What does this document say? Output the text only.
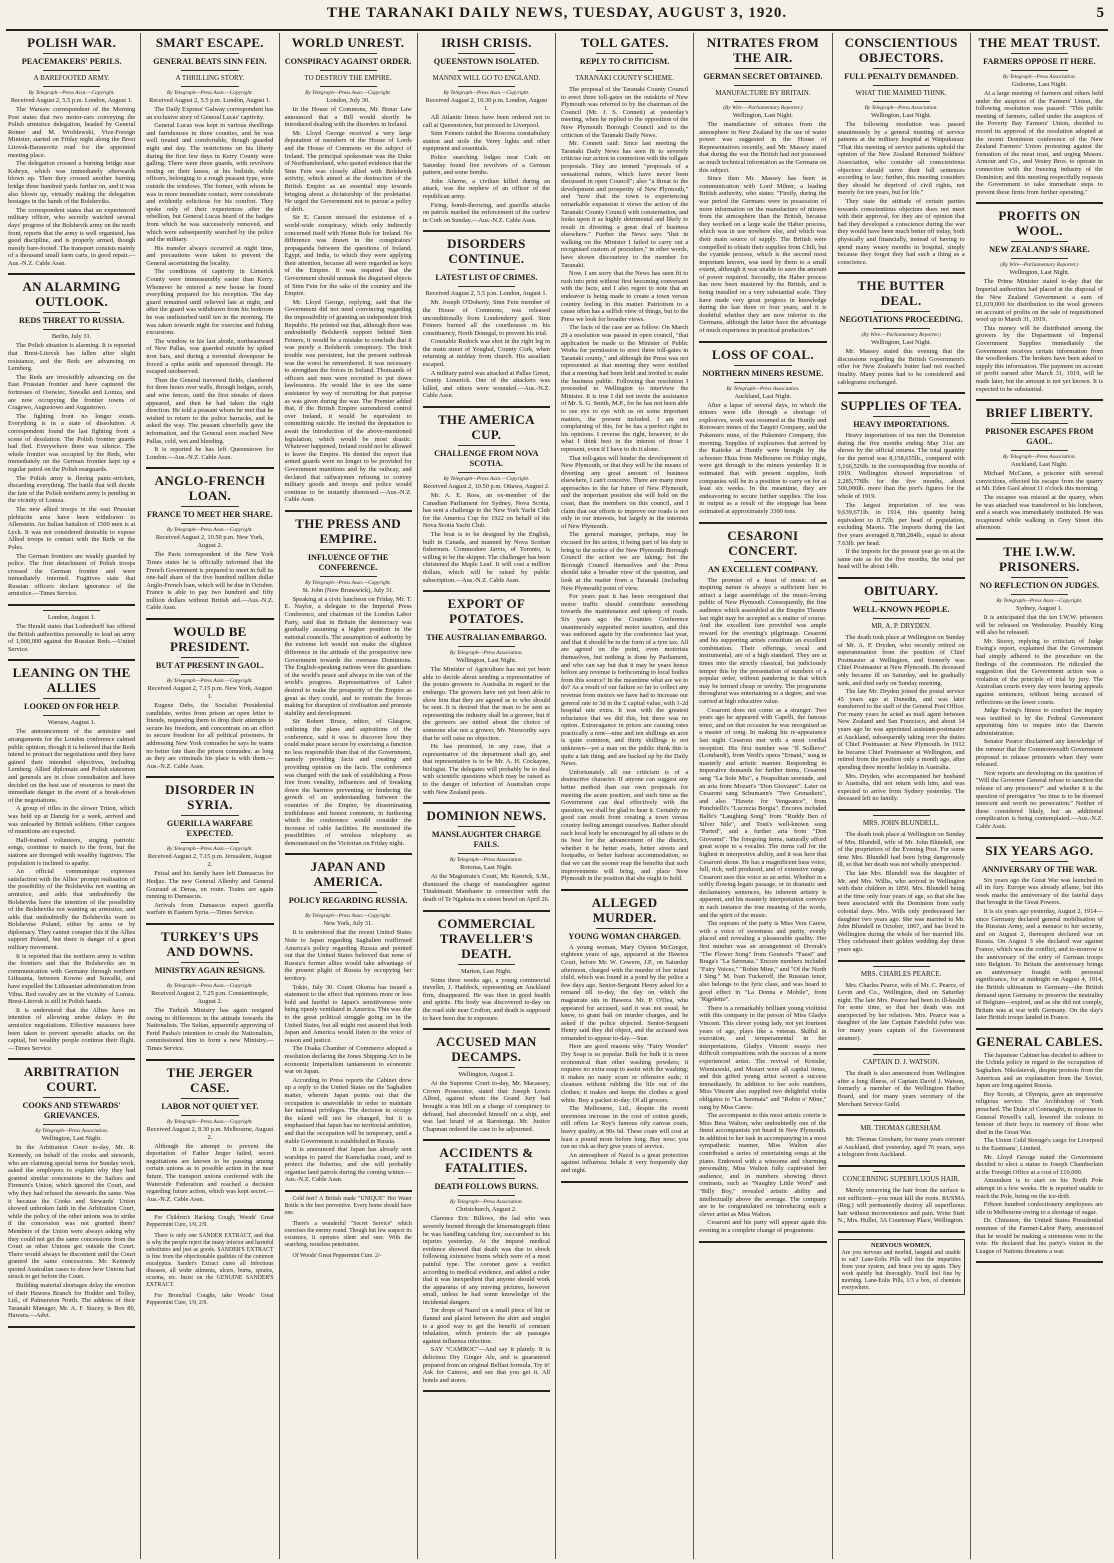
THE TARANAKI DAILY NEWS, TUESDAY, AUGUST 3, 1920.	5
POLISH WAR.
PEACEMAKERS' PERILS.
A BAREFOOTED ARMY.
By Telegraph—Press Assn.—Copyright.
Received August 2, 5.5 p.m. London, August 1.

The Warsaw correspondent of the Morning Post states that two motor-cars conveying the Polish armistice delegation, headed by General Romer and M. Wroblewski, Vice-Foreign Minister, started on Friday night along the Brest Litovsk-Baranovitz road for the appointed meeting place.

The delegation crossed a burning bridge near Kobryn, which was immediately afterwards blown up. Then they crossed another burning bridge three hundred yards further on, and it was also blown up, virtually making the delegation hostages in the hands of the Bolsheviks.

The correspondent states that an experienced military officer, who secretly watched several days' progress of the Bolshevik army on the north front, reports that the army is well organised, has good discipline, and is properly armed, though mostly bare-footed. The transport consists mainly of a thousand small farm carts, in good repair.—Aus.-N.Z. Cable Assn.

AN ALARMING OUTLOOK.
REDS THREAT TO RUSSIA.
Berlin, July 31.

The Polish situation is alarming. It is reported that Brest-Litovsk has fallen after slight resistance, and the Reds are advancing on Lemberg.

The Reds are irresistibly advancing on the East Prussian frontier and have captured the fortresses of Osowiec, Suwalki and Lomza, and are now occupying the frontier towns of Cragewo, Augustowo and Augustowo.

The fighting front no longer exists. Everything is in a state of dissolution. A correspondent found the last fighting front a scene of desolation. The Polish frontier guards had fled. Everywhere there was silence. The whole frontier was occupied by the Reds, who immediately on the German frontier kept up a regular patrol on the Polish rearguards.

The Polish army is fleeing panic-stricken, discarding everything. The battle that will decide the fate of the Polish northern army is pending in the vicinity of Lomza.

The new allied troops in the east Prussian plebiscite area have been withdrawn to Allenstein. An Italian battalion of 1500 men is at Lyck. It was not considered desirable to expose Allied troops to contact with the Reds or the Poles.

The German frontiers are weakly guarded by police. The first detachment of Polish troops crossed the German frontier and were immediately interned. Fugitives state that Russian officers declare ignorance of the armistice.—Times Service.

London, August 1.

The Herald states that Lodendorff has offered the British authorities personally to lead an army of 1,000,000 against the Russian Reds.—United Service.

LEANING ON THE ALLIES
LOOKED ON FOR HELP.
Warsaw, August 1.

The announcement of the armistice and arrangements for the London conference calmed public opinion, though it is believed that the Reds intend to protract the negotiations until they have gained their intended objectives, including Lemberg. Allied diplomats and Polish statesmen and generals are in close consultation and have decided on the best use of resources to meet the immediate danger in the event of a break-down of the negotiations.

A group of rifles in the slower Triton, which was held up at Danzig for a week, arrived and was unloaded by British soldiers. Other cargoes of munitions are expected.

Half-trained volunteers, singing patriotic songs, continue to march to the front, but the stations are thronged with wealthy fugitives. The population is inclined to apathy.

An official communique expresses satisfaction with the Allies' prompt realisation of the possibility of the Bolsheviks not wanting an armistice, and adds that undoubtedly the Bolsheviks have the intention of the possibility of the Bolsheviks not wanting an armistice, and adds that undoubtedly the Bolsheviks want to Bolshevise Poland, either by arms or by diplomacy. They cannot conquer this if the Allies support Poland, but there is danger of a great military movement.

It is reported that the northern army is within the frontiers and that the Bolsheviks are in communication with Germany through northern Lithuania, between Kowno and Suwalki, and have expelled the Lithuanian administration from Vilna. Red cavalry are in the vicinity of Lomza. Brest-Litovsk is still in Polish hands.

It is understood that the Allies have no intention of allowing undue delays in the armistice negotiations. Effective measures have been taken to prevent sporadic attacks on the capital, but wealthy people continue their flight.—Times Service.

ARBITRATION COURT.
COOKS AND STEWARDS' GRIEVANCES.
By Telegraph—Press Association.
Wellington, Last Night.

In the Arbitration Court to-day, Mr. R. Kennedy, on behalf of the cooks and stewards, who are claiming special terms for Sunday work, asked the employers to explain why they had granted similar concessions to the Sailors and Firemen's Union, which ignored the Court, and why they had refused the stewards the same. Was it because the Cooks and Stewards' Union showed unbroken faith in the Arbitration Court, while the policy of the other unions was to strike if the concession was not granted them? Members of the Union were always asking why they could not get the same concessions from the Court as other Unions got outside the Court. There would always be discontent until the Court granted the same concessions. Mr. Kennedy quoted Australian cases to show how Unions had struck to get before the Court.

Building material shortages delay the erection of their Hawera Branch for Hodder and Tolley, Ltd., of Palmerston North. The address of their Taranaki Manager, Mr. A. F. Stacey, is Box 80, Hawera.—Advt.

SMART ESCAPE.
GENERAL BEATS SINN FEIN.
A THRILLING STORY.
By Telegraph—Press Assn.—Copyright.
Received August 2, 5.5 p.m. London, August 1.

The Daily Express' Galway correspondent has an exclusive story of General Lucas' captivity.

General Lucas was kept in various dwellings and farmhouses in three counties, and he was well treated and comfortable, though guarded night and day. The restrictions on his liberty during the first few days in Kerry County were galling. There were three guards, with revolvers resting on their knees, at his bedside, while officers, belonging to a rough peasant type, were outside the windows. The former, with whom he was in more immediate contact, were considerate and evidently solicitous for his comfort. They spoke only of their experiences after the rebellion, but General Lucas heard of the badges from which he was successively removed, and which were subsequently searched by the police and the military.

His transfer always occurred at night time, and precautions were taken to prevent the General ascertaining the locality.

The conditions of captivity in Limerick County were immeasurably easier than Kerry. Whenever he entered a new house he found everything prepared for his reception. The day guard remained until relieved late at night, and after the guard was withdrawn from his bedroom he was undisturbed until ten in the morning. He was taken towards night for exercise and fishing excursions.

The window in his last abode, northeastward of New Pallas, was guarded outside by spiked iron bars, and during a torrential downpour he forced a spike aside and squeezed through. He escaped unobserved.

Then the General traversed fields, clambered for three hours over walls, through hedges, scrub, and wire fences, until the first streaks of dawn appeared, and then he had taken the right direction. He told a peasant whom he met that he wished to return to the police barracks, and he asked the way. The peasant cheerfully gave the information, and the General soon reached New Pallas, cold, wet and bleeding.

It is reported he has left Queenstown for London.—Aus.-N.Z. Cable Assn.

ANGLO-FRENCH LOAN.
FRANCE TO MEET HER SHARE.
By Telegraph—Press Assn.—Copyright.
Received August 2, 10.50 p.m. New York, August 2.

The Paris correspondent of the New York Times states he is officially informed that the French Government is prepared to meet in full its one-half share of the five hundred million dollar Anglo-French loan, which will be due in October. France is able to pay two hundred and fifty million dollars without British aid.—Aus.-N.Z. Cable Assn.

WOULD BE PRESIDENT.
BUT AT PRESENT IN GAOL.
By Telegraph—Press Assn.—Copyright.
Received August 2, 7.15 p.m. New York, August 1.

Eugene Debs, the Socialist Presidential candidate, writes from prison an open letter to friends, requesting them to drop their attempts to secure his freedom, and concentrate on an effort to secure freedom for all political prisoners. In addressing New York comrades he says he wants no better fate than the prison comrades; as long as they are criminals his place is with them.—Aus.-N.Z. Cable Assn.

DISORDER IN SYRIA.
GUERILLA WARFARE EXPECTED.
By Telegraph—Press Assn.—Copyright.
Received August 2, 7.15 p.m. Jerusalem, August 2.

Feisal and his family have left Damascus for Hedjaz. The new General Allenby and General Gouraud at Deraa, en route. Trains are again running to Damascus.

Arrivals from Damascus expect guerilla warfare in Eastern Syria.—Times Service.

TURKEY'S UPS AND DOWNS.
MINISTRY AGAIN RESIGNS.
By Telegraph—Press Assn.—Copyright.
Received August 2, 7.25 p.m. Constantinople, August 2.

The Turkish Ministry has again resigned owing to differences in the attitude towards the Nationalists. The Sultan, apparently approving of Ferid Pasha's intention to crush the Nationalists, commissioned him to form a new Ministry.—Times Service.

THE JERGER CASE.
LABOR NOT QUIET YET.
By Telegraph—Press Assn.—Copyright.
Received August 2, 8.30 p.m. Melbourne, August 2.

Although the attempt to prevent the deportation of Father Jerger failed, secret negotiations are known to be passing among certain unions as to possible action in the near future. The transport unions conferred with the Waterside Federation and reached a decision regarding future action, which was kept secret.—Aus.-N.Z. Cable Assn.

For Children's Hacking Cough, Woods' Great Peppermint Cure, 1/9, 2/9.

There is only one SANDER EXTRACT, and that is why the people reject the many inferior and harmful substitutes and just as goods. SANDER'S EXTRACT is free from the objectionable qualities of the common eucalyptus. Sander's Extract cures all infectious diseases, all wider ailments, ulcers, burns, sprains, eczema, etc. Insist on the GENUINE SANDER'S EXTRACT.

For Bronchial Coughs, take Woods' Great Peppermint Cure, 1/9, 2/9.

WORLD UNREST.
CONSPIRACY AGAINST ORDER.
TO DESTROY THE EMPIRE.
By Telegraph—Press Assn.—Copyright.
London, July 30.

In the House of Commons, Mr. Bonar Law announced that a Bill would shortly be introduced dealing with the disorders in Ireland.

Mr. Lloyd George received a very large deputation of members of the House of Lords and the House of Commons on the subject of Ireland. The principal spokesman was the Duke of Northumberland, who quoted evidence that the Sinn Fein was closely allied with Bolshevik activity, which aimed at the destruction of the British Empire as an essential step towards bringing about a dictatorship of the proletariat. He urged the Government not to pursue a policy of drift.

Sir E. Carson stressed the existence of a world-wide conspiracy, which only indirectly concerned itself with Home Rule for Ireland. No difference was drawn in the conspirators' propaganda between the questions of Ireland, Egypt, and India, to which they were applying their attention, because all were regarded as keys of the Empire. It was required that the Government should unmask the disguised objects of Sinn Fein for the sake of the country and the Empire.

Mr. Lloyd George, replying, said that the Government did not need convincing regarding the impossibility of granting an independent Irish Republic. He pointed out that, although there was undoubtedly Bolshevik support behind Sinn Feiners, it would be a mistake to conclude that it was purely a Bolshevik conspiracy. The Irish trouble was persistent, but the present outbreak was the worst he remembered. It was necessary to strengthen the forces in Ireland. Thousands of officers and men were recruited to put down lawlessness. He would like to see the same assistance by way of recruiting for that purpose as was given during the war. The Premier added that, if the British Empire surrendered control over Ireland, it would be equivalent to committing suicide. He invited the deputation to await the introduction of the above-mentioned legislation, which would be most drastic. Whatever happened, Ireland could not be allowed to leave the Empire. He denied the report that armed guards were no longer to be provided for Government munitions and by the railway, and declared that railwaymen refusing to convey military goods and troops and police would continue to be instantly dismissed.—Aus.-N.Z. Cable Assn.

THE PRESS AND EMPIRE.
INFLUENCE OF THE CONFERENCE.
By Telegraph—Press Assn.—Copyright.
St. John (New Brunswick), July 31.

Speaking at a civic luncheon on Friday, Mr. T. E. Naylor, a delegate to the Imperial Press Conference, and chairman of the London Labor Party, said that in Britain the democracy was gradually assuming a higher position in the national councils. The assumption of authority by the extreme left would not make the slightest difference in the attitude of the prospective new Government towards the overseas Dominions. The English-speaking nations were the guardians of the world's peace and always in the van of the world's progress. Representatives of Labor desired to make the prosperity of the Empire as great as they could, and to restrain the forces making for disruption of civilisation and promote stability and development.

Sir Robert Bruce, editor, of Glasgow, outlining the plans and aspirations of the conference, said it was to discover how they could make peace secure by exercising a function no less responsible than that of the Government, namely providing facts and creating and providing opinion on the facts. The conference was charged with the task of establishing a Press free from venality, influences and of breaking down the barriers preventing or hindering the growth of an understanding between the countries of the Empire, by disseminating truthfulness and honest comment, in furthering which the conference would consider the increase of cable facilities. He mentioned the possibilities of wireless telephony as demonstrated on the Victorian on Friday night.

JAPAN AND AMERICA.
POLICY REGARDING RUSSIA.
By Telegraph—Press Assn.—Copyright.
New York, July 31.

It is understood that the recent United States Note to Japan regarding Saghalien reaffirmed America's policy regarding Russia and pointed out that the United States believed that none of Russia's former allies would take advantage of the present plight of Russia by occupying her territory.

Tokio, July 30. Count Okuma has issued a statement to the effect that opinions more or less bold and hurtful to Japan's sensitiveness were being openly ventilated in America. This was due to the great political struggle going on in the United States, but all might rest assured that both Japan and America would listen to the voice of reason and justice.

The Osaka Chamber of Commerce adopted a resolution declaring the Jones Shipping Act to be economic Imperialism tantamount to economic war on Japan.

According to Press reports the Cabinet drew up a reply to the United States on the Saghalien matter, wherein Japan points out that the occupation is unavoidable in order to maintain her national privileges. The decision to occupy the island will not be changed, but it is emphasised that Japan has no territorial ambition, and that the occupation will be temporary, until a stable Government is established in Russia.

It is announced that Japan has already sent warships to patrol the Kamchatka coast, and to protect the fisheries, and she will probably organise land patrols during the coming winter.—Aus.-N.Z. Cable Assn.

Cold feet? A British made "UNIQUE" Hot Water Bottle is the best preventive. Every home should have one.

There's a wonderful "Secret Service" which exercises the enemy round. Though but few suspect its existence, it operates silent and sure. With the searching, resistless penetration.

Of Woods' Great Peppermint Cure. 2/-

IRISH CRISIS.
QUEENSTOWN ISOLATED.
MANNIX WILL GO TO ENGLAND.
By Telegraph—Press Assn.—Copyright.
Received August 2, 10.30 p.m. London, August 1.

All Atlantic liners have been ordered not to call at Queenstown, but proceed to Liverpool.

Sinn Feiners raided the Roscrea constabulary station and stole the Verey lights and other equipment and essentials.

Police searching lodges near Cork on Saturday found five revolvers of a German pattern, and some bombs.

John Aherne, a civilian killed during an attack, was the nephew of an officer of the republican army.

Firing, bomb-throwing, and guerilla attacks on patrols marked the enforcement of the curfew in Cork on Sunday.—Aus.-N.Z. Cable Assn.

DISORDERS CONTINUE.
LATEST LIST OF CRIMES.
Received August 2, 5.5 p.m. London, August 1.

Mr. Joseph O'Doherty, Sinn Fein member of the House of Commons, was released unconditionally from Londonderry gaol. Sinn Feiners burned all the courthouses in his constituency, North Donegal, to prevent his trial.

Constable Rudock was shot in the right leg in the main street of Youghal, County Cork, when returning at midday from church. His assailant escaped.

A military patrol was attacked at Pallas Green, County Limerick. One of the attackers was killed, and others were wounded.—Aus.-N.Z. Cable Assn.

THE AMERICA CUP.
CHALLENGE FROM NOVA SCOTIA.
By Telegraph—Press Assn.—Copyright.
Received August 2, 10.50 p.m. Ottawa, August 2.

Mr. A. E. Ross, an ex-member of the Canadian Parliament for Sydney, Nova Scotia, has sent a challenge to the New York Yacht Club for the America Cup for 1922 on behalf of the Nova Scotia Yacht Club.

The boat is to be designed by the English, built in Canada, and manned by Nova Scotian fishermen. Commodore Jarvis, of Toronto, is willing to be the skipper. The challenger has been christened the Maple Leaf. It will cost a million dollars, which will be raised by public subscription.—Aus.-N.Z. Cable Assn.

EXPORT OF POTATOES.
THE AUSTRALIAN EMBARGO.
By Telegraph—Press Association.
Wellington, Last Night.

The Minister of Agriculture has not yet been able to decide about sending a representative of the potato growers to Australia in regard to the embargo. The growers have not yet been able to show him that they are agreed as to who should be sent. It is desired that the man to be sent as representing the industry shall be a grower, but if the growers are united about the choice of someone else not a grower, Mr. Nosworthy says that he will raise no objection.

He has promised, in any case, that a representative of the department shall go, and that representative is to be Mr. A. H. Cockayne, biologist. The delegates will probably be to deal with scientific questions which may be raised as to the danger of infection of Australian crops with New Zealand pests.

DOMINION NEWS.
MANSLAUGHTER CHARGE FAILS.
By Telegraph—Press Association.
Rotorua, Last Night.

At the Magistrate's Court, Mr. Kenrick, S.M., dismissed the charge of manslaughter against Tinakimaiti Matehaere in connection with the death of Te Ngahuia in a street brawl on April 26.

COMMERCIAL TRAVELLER'S DEATH.
Marton, Last Night.

Some three weeks ago, a young commercial traveller, J. Haddock, representing an Auckland firm, disappeared. He was then in good health and spirits. His body was discovered to-day on the road side near Crofton, and death is supposed to have been due to exposure.

ACCUSED MAN DECAMPS.
Wellington, August 2.

At the Supreme Court to-day, Mr. Macassey, Crown Prosecutor, stated that Joseph Lewis Alfred, against whom the Grand Jury had brought a true bill on a charge of conspiracy to defraud, had absconded himself on a ship, and was last heard of at Rarotonga. Mr. Justice Chapman ordered the case to be adjourned.

ACCIDENTS & FATALITIES.
DEATH FOLLOWS BURNS.
By Telegraph—Press Association.
Christchurch, August 2.

Clarence Eric Billows, the lad who was severely burned through the kinematograph films he was handling catching fire, succumbed to his injuries yesterday. At the inquest medical evidence showed that death was due to shock following extensive burns which were of a most painful type. The coroner gave a verdict according to medical evidence, and added a rider that it was inexpedient that anyone should work the apparatus of any moving pictures, however small, unless he had some knowledge of the incidental dangers.

Ter drops of Nazol on a small piece of lint or flannel and placed between the shirt and singlet is a good way to get the benefit of constant inhalation, which protects the air passages against influenza infection.

SAY "CAMROC"—And say it plainly. It is delicious Dry Ginger Ale, and is guaranteed prepared from an original Belfast formula. Try it! Ask for Camroc, and see that you get it. All hotels and stores.

TOLL GATES.
REPLY TO CRITICISM.
TARANAKI COUNTY SCHEME.

The proposal of the Taranaki County Council to erect three toll-gates on the outskirts of New Plymouth was referred to by the chairman of the Council (Mr. J. S. Connett) at yesterday's meeting, when he replied to the opposition of the New Plymouth Borough Council and to the criticism of the Taranaki Daily News.

Mr. Connett said: Since last meeting the Taranaki Daily News has seen fit to severely criticise our action in connection with the tollgate proposals. They are termed "proposals of a sensational nature, which have never been discussed in open Council"; also "a threat to the development and prosperity of New Plymouth," and "now that the town is experiencing remarkable expansion it views the action of the Taranaki County Council with consternation, and looks upon it as highly detrimental and likely to result in diverting a great deal of business elsewhere." Further the News says "that in walking on the Minister I failed to carry out a recognised custom of procedure," in other words, have shown discourtesy to the member for Taranaki.

Now, I am sorry that the News has seen fit to rush into print without first becoming conversant with the facts, and I also regret to note that an endeavor is being made to create a town versus country feeling in this matter. Patriotism to a cause often has a selfish view of things, but to the Press we look for broader views.

The facts of the case are as follow: On March 29 a resolution was passed in open council, "that application be made to the Minister of Public Works for permission to erect three toll-gates in Taranaki county," and although the Press was not represented at that meeting they were notified that a meeting had been held and invited to make the business public. Following that resolution I proceeded to Wellington to interview the Minister. It is true I did not invite the assistance of Mr. S. G. Smith, M.P., for he has not been able to see eye to eye with us on some important matters, the present included. I am not complaining of this, for he has a perfect right to his opinions. I reverse the right, however, to do what I think best in the interest of those I represent, even if I have to do it alone.

That toll-gates will hinder the development of New Plymouth, or that they will be the means of diverting any great amount of business elsewhere, I can't conceive. There are many more approaches to the far future of New Plymouth, and the important position she will hold on the coast, than the members on this council, and I claim that our efforts to improve our roads is not only in our interests, but largely in the interests of New Plymouth.

The general manager, perhaps, may be excused for his action, it being part of his duty to bring to the notice of the New Plymouth Borough Council the action we are taking; but the Borough Council themselves and the Press should take a broader view of the question, and look at the matter from a Taranaki (including New Plymouth) point of view.

For years past it has been recognised that motor traffic should contribute something towards the maintenance and upkeep of roads. Six years ago the Counties Conference unanimously supported motor taxation, and this was endorsed again by the conference last year, and that it should be in the form of a tyre tax. All are agreed on the point, even motorists themselves, but nothing is done by Parliament, and who can say but that it may be years hence before any revenue is forthcoming to local bodies from this source? In the meantime what are we to do? As a result of our failure so far to collect any revenue from motors we have had to increase our general rate to 3d in the £ capital value, with 1-2d hospital rate extra. It was with the greatest reluctance that we did this, but there was no option. Extravagance in prices are causing rates practically a rent—nine and ten shillings an acre is quite common, and thirty shillings is not unknown—yet a man on the public think this is quite a fair thing, and are backed up by the Daily News.

Unfortunately all our criticism is of a destructive character. If anyone can suggest any better method than our own proposals for meeting the acute position, and such time as the Government can deal effectively with the question, we shall be glad to hear it. Certainly no good can result from creating a town versus country feeling amongst ourselves. Rather should each local body be encouraged by all others to do its best for the advancement of the district, whether it be better roads, better streets and footpaths, or better harbour accommodation, so that we can the sooner reap the benefits that such improvements will bring, and place New Plymouth in the position that she ought to hold.

ALLEGED MURDER.
YOUNG WOMAN CHARGED.

A young woman, Mary Oyston McGregor, eighteen years of age, appeared at the Hawera Court, before Mr. W. Cowern, J.P., on Saturday afternoon, charged with the murder of her infant child, which was found in a pond by the police a few days ago. Senior-Sergeant Henry asked for a remand till to-day, the day on which the magistrate sits in Hawera. Mr. P. O'Dea, who appeared for accused, said it was not usual, he knew, to grant bail on murder charges, and he asked if the police objected. Senior-Sergeant Henry said they did object, and the accused was remanded to appear to-day.—Star.

Here are good reasons why "Fairy Wonder" Dry Soap is so popular. Bulk for bulk it is more economical than other washing powders; it requires no extra soap to assist with the washing; it makes no nasty scum or offensive suds; it cleanses without rubbing the life out of the clothes; it makes and keeps the clothes a good white. Buy a packet to-day. Of all grocers.

The Melbourne, Ltd., despite the recent enormous increase in the cost of cotton goods, still offers Le Roy's famous oily canvas coats, heavy quality, at 90s 6d. These coats will cost at least a pound more before long. Buy now; you run no risk as they give years of service.

An atmosphere of Nazol is a great protection against influenza. Inhale it very frequently day and night.

NITRATES FROM THE AIR.
GERMAN SECRET OBTAINED.
MANUFACTURE BY BRITAIN.
(By Wire.—Parliamentary Reporter.)
Wellington, Last Night.

The manufacture of nitrates from the atmosphere in New Zealand by the use of water power was suggested in the House of Representatives recently, and Mr. Massey stated that during the war the British had not possessed as much technical information as the Germans on this subject.

Since then Mr. Massey has been in communication with Lord Milner, a leading British authority, who states: "Firstly, during the war period the Germans were in possession of more information on the manufacture of nitrates from the atmosphere than the British, because they worked on a large scale the Haber process, which was in use nowhere else, and which was their main source of supply. The British were compelled to obtain their supplies from Chili, but the cyanide process, which is the second most important known, was used by them to a small extent, although it was unable to save the amount of power required. Secondly, the Haber process has now been mastered by the British, and is being installed on a very substantial scale. They have made very great progress in knowledge during the last three or four years, and it is doubtful whether they are now inferior to the Germans, although the latter have the advantage of much experience in practical production."

LOSS OF COAL.
NORTHERN MINERS RESUME.
By Telegraph—Press Association.
Auckland, Last Night.

After a lapse of several days, in which the miners were idle through a shortage of explosives, work was resumed at the Huntly and Rotowaro mines of the Taupiri Company, and the Pukemiro mine, of the Pukemiro Company, this morning. Supplies of explosives that arrived by the Kaitoke at Huntly were brought by the schooner Huia from Melbourne on Friday night, were got through to the miners yesterday. It is estimated that with present supplies, both companies will be in a position to carry on for at least six weeks. In the meantime, they are endeavoring to secure further supplies. The loss in output as a result of the stoppage has been estimated at approximately 3300 tons.

CESARONI CONCERT.
AN EXCELLENT COMPANY.

The promise of a feast of music of an inspiring nature is always a sufficient lure to attract a large assemblage of the music-loving public of New Plymouth. Consequently, the fine audience which assembled at the Empire Theatre last night may be accepted as a matter of course. And the excellent fare provided was ample reward for the evening's pilgrimage. Cesaroni and his supporting artists constitute an excellent combination. Their offerings, vocal and instrumental, are of a high standard. They are at times into the strictly classical, but judiciously temper this by the presentation of numbers of a popular order, without pandering to that which may be termed cheap or tawdry. The programme throughout was entertaining to a degree, and was carried at high educative value.

Cesaroni does not come as a stranger. Two years ago he appeared with Capelli, the famous tenor, and on that occasion he was recognised as a master of song. In making his re-appearance last night Cesaroni met with a most cordial reception. His first number was "Il Sollievo" (Lombardi), from Verdi's opera "Ernani," sung in masterly and artistic manner. Responding to imperative demands for further items, Cesaroni sang "La Sole Mio", a Neapolitan serenade, and an aria from Mozart's "Don Giovanni". Later on Cesaroni sang Schumann's "Two Grenadiers", and also "Havete for Vengeance", from Ponchielli's "Lucrezia Borgia". Encores included Balfe's "Laughing Song" from "Ruddy Ben of Silver Nile", and Tosti's well-known song "Parted", and a further aria from "Don Giovanni". The foregoing items, naturally afford great scope to a vocalist. The items call for the highest in interpretive ability, and it was here that Cesaroni shone. He has a magnificent bass voice, full, rich, well produced, and of extensive range. Cesaroni uses this voice as an artist. Whether in a softly flowing legato passage, or in dramatic and declamatory sentences, his inherent artistry is apparent, and his masterly interpretation conveys in each instance the true meaning of the words, and the spirit of the music.

The soprano of the party is Miss Vera Carew, with a voice of sweetness and purity, evenly placed and revealing a pleasurable quality. Her first number was an arrangement of Dvorak's "The Flower Song" from Gounod's "Faust" and Braga's "La Serenata." Encore numbers included "Fairy Voices," "Robin Mine," and "Of the North I Sing." M. Ivan Tuckeroff, the Russian tenor, also belongs to the lyric class, and was heard to good effect in "La Donna e Mobile", from "Rigoletto".

There is a remarkably brilliant young violinist with this company in the person of Miss Gladys Vincent. This clever young lady, not yet fourteen years of age, plays like a veteran. Skilful in execution, and temperamental in her interpretations, Gladys Vincent essays two difficult compositions with the success of a more experienced artist. The revival of Kreisler, Wieniawski, and Mozart were all capital items, and this gifted young artist scored a success immediately. In addition to her solo numbers, Miss Vincent also supplied two delightful violin obligatos to "La Serenata" and "Robin o' Mine," sung by Miss Carew.

The accompanist to this most artistic coterie is Miss Bess Walton, who undoubtedly one of the finest accompanists yet heard in New Plymouth. In addition to her task in accompanying in a most sympathetic manner, Miss Walton also contributed a series of entertaining songs at the piano. Endowed with a winsome and charming personality, Miss Walton fully captivated her audience, and in numbers showing direct contrasts, such as "Naughty Little Word" and "Billy Boy," revealed artistic ability and intellectually above the average. The company are to be congratulated on introducing such a clever artist as Miss Walton.

Cesaroni and his party will appear again this evening in a complete change of programme.

CONSCIENTIOUS OBJECTORS.
FULL PENALTY DEMANDED.
WHAT THE MAIMED THINK.
By Telegraph—Press Association.
Wellington, Last Night.

The following resolution was passed unanimously by a general meeting of service patients at the military hospital at Waipukurau: "That this meeting of service patients uphold the opinion of the New Zealand Returned Soldiers' Association, who consider all conscientious objectors should serve their full sentences according to law; further, this meeting considers they should be deprived of civil rights, not merely for ten years, but for life."

They state the attitude of certain parties towards conscientious objectors does not meet with their approval, for they are of opinion that had they developed a conscience during the war they would have been much better off today, both physically and financially, instead of having to spend many weary months in hospital, simply because they forgot they had such a thing as a conscience.

THE BUTTER DEAL.
NEGOTIATIONS PROCEEDING.
(By Wire.—Parliamentary Reporter.)
Wellington, Last Night.

Mr. Massey stated this evening that the discussions regarding the British Government's offer for New Zealand's butter had not reached finality. Many points had to be considered and cablegrams exchanged.

SUPPLIES OF TEA.
HEAVY IMPORTATIONS.

Heavy importations of tea into the Dominion during the five months ending May 31st are shown by the official returns. The total quantity for the period was 8,158,655lb., compared with 3,166,526lb. in the corresponding five months of 1919. Wellington showed importations of 2,285,778lb. for the five months, about 500,000lb. more than the port's figures for the whole of 1919.

The largest importation of tea was 9,639,671lb. in 1914, this quantity being equivalent to 8.72lb. per head of population, excluding Maoris. The imports during the last five years averaged 8,788,284lb., equal to about 7.63lb. per head.

If the imports for the present year go on at the same rate as for the five months, the total per head will be about 14lb.

OBITUARY.
WELL-KNOWN PEOPLE.
MR. A. P. DRYDEN.

The death took place at Wellington on Sunday of Mr. A. P. Dryden, who recently retired on superannuation from the position of Chief Postmaster at Wellington, and formerly was Chief Postmaster at New Plymouth. He deceased only became ill on Saturday, and he gradually sank, and died early on Sunday morning.

The late Mr. Dryden joined the postal service 45 years ago at Dunedin, and was later transferred to the staff of the General Post Office. For many years he acted as mail agent between New Zealand and San Francisco, and about 14 years ago he was appointed assistant-postmaster at Auckland, subsequently taking over the duties of Chief Postmaster at New Plymouth. In 1912 he became Chief Postmaster at Wellington, and retired from the position only a month ago, after spending three months' holiday in Australia.

Mrs. Dryden, who accompanied her husband to Australia, did not return with him, and was expected to arrive from Sydney yesterday. The deceased left no family.

MRS. JOHN BLUNDELL.

The death took place at Wellington on Sunday of Mrs. Blundell, wife of Mr. John Blundell, one of the proprietors of the Evening Post. For some time Mrs. Blundell had been lying dangerously ill, so that her death was not wholly unexpected.

The late Mrs. Blundell was the daughter of Mr. and Mrs. Willis, who arrived in Wellington with their children in 1850. Mrs. Blundell being at the time only four years of age, so that she has been associated with the Dominion from early colonial days. Mrs. Wills only predeceased her daughter two years ago. She was married to Mr. John Blundell in October, 1867, and has lived in Wellington during the whole of her married life. They celebrated their golden wedding day three years ago.

MRS. CHARLES PEARCE.

Mrs. Charles Pearce, wife of Mr. C. Pearce, of Levin and Co., Wellington, died on Saturday night. The late Mrs. Pearce had been in ill-health for some time, so that her death was not unexpected by her relatives. Mrs. Pearce was a daughter of the late Captain Fairchild (who was for many years captain of the Government steamer).

CAPTAIN D. J. WATSON.

The death is also announced from Wellington after a long illness, of Captain David J. Watson, formerly a member of the Wellington Harbor Board, and for many years secretary of the Merchant Service Guild.

MR. THOMAS GRESHAM.

Mr. Thomas Gresham, for many years coroner at Auckland, died yesterday, aged 76 years, says a telegram from Auckland.

CONCERNING SUPERFLUOUS HAIR.

Merely removing the hair from the surface is not sufficient—you must kill the roots. RUSMA (Reg.) will permanently destroy all superfluous hair without inconvenience and pain. Write Stett N., Mrs. Hullet, 3A Courtenay Place, Wellington.

NERVOUS WOMEN.
Are you nervous and morbid, languid and unable to eat? Lane-Eolis Pills will free the impurities from your system, and brace you up again. They work quietly but thoroughly. You'll feel fine by morning. Lane-Eolis Pills, 1/3 a box, of chemists everywhere.
THE MEAT TRUST.
FARMERS OPPOSE IT HERE.
By Telegraph—Press Association.
Gisborne, Last Night.

At a large meeting of farmers and others held under the auspices of the Farmers' Union, the following resolution was passed: "This public meeting of farmers, called under the auspices of the Poverty Bay Farmers' Union, decided to record its approval of the resolution adopted at the recent Dominion conference of the New Zealand Farmers' Union protesting against the formation of the meat trust, and urging Messrs. Armour and Co., and Vestey Bros. to operate in connection with the freezing industry of the Dominion; and this meeting respectfully requests the Government to take immediate steps to prevent these firms from further operating."

PROFITS ON WOOL.
NEW ZEALAND'S SHARE.
(By Wire—Parliamentary Reporter.)
Wellington, Last Night.

The Prime Minister stated to-day that the Imperial authorities had placed at the disposal of the New Zealand Government a sum of £1,619,000 for distribution to the wool growers on account of profits on the sale of requisitioned wool up to March 31, 1919.

This money will be distributed among the growers by the Department of Imperial Government Supplies immediately the Government receives certain information from the woolbrokers. The brokers have been asked to supply this information. The payment on account of profit earned after March 31, 1919, will be made later, but the amount is not yet known. It is expected to be substantial.

BRIEF LIBERTY.
PRISONER ESCAPES FROM GAOL.
By Telegraph—Press Association.
Auckland, Last Night.

Michael McCann, a prisoner with several convictions, effected his escape from the quarry at Mt. Eden Gaol about 11 o'clock this morning.

The escapee was missed at the quarry, when he was attached was transferred to his luncheon, and a search was immediately instituted. He was recaptured while walking in Grey Street this afternoon.

THE I.W.W. PRISONERS.
NO REFLECTION ON JUDGES.
By Telegraph—Press Assn.—Copyright.
Sydney, August 1.

It is anticipated that the ten I.W.W. prisoners will be released on Wednesday. Possibly King will also be released.

Mr. Storey, replying to criticism of Judge Ewing's report, explained that the Government had simply adhered to the procedure on the findings of the commission. He ridiculed the suggestion that the Government action was a violation of the principle of trial by jury. The Australian courts every day were hearing appeals against sentences, without being accused of reflections on the lower courts.

Judge Ewing's fitness to conduct the inquiry was testified to by the Federal Government appointing him to inquire into the Darwin administration.

Senator Pearce disclaimed any knowledge of the rumour that the Commonwealth Government proposed to release prisoners when they were released.

New reports are developing on the question of "Will the Governor General refuse to sanction the release of any prisoners?" and whether it is the question of prerogative "no time is to be doomed innocent and worth no persecution." Neither of these considered likely, but an additional complication is being contemplated.—Aus.-N.Z. Cable Assn.

SIX YEARS AGO.
ANNIVERSARY OF THE WAR.

Six years ago the Great War was launched in all its fury. Europe was already aflame, but this week marks the anniversary of the fateful days that brought in the Great Powers.

It is six years ago yesterday, August 2, 1914—since Germany declared general mobilisation of the Russian Army, and a menace to her security, and on August 2, thereupon declared war on Russia. On August 3 she declared war against France, which was the conflict, and to-morrow is the anniversary of the entry of German troops into Belgium. To Britain the anniversary brings an anniversary fraught with personal significance, for at midnight on August 4, 1914, the British ultimatum to Germany—the British demand upon Germany to preserve the neutrality of Belgium—expired, and as she did not comply, Britain was at war with Germany. On the day's later British troops landed in France.

GENERAL CABLES.

The Japanese Cabinet has decided to adhere to the Uchida policy in regard to the occupation of Saghalien. Nikolaievsk, despite protests from the Americas and an explanation from the Soviet, Japan are long against Russia.

Boy Scouts, at Olympia, gave an impressive religious service. The Archbishop of York preached. The Duke of Connaught, in response to General Powell's call, lowered the colours in honour of their boys in memory of those who died in the Great War.

The Union Cold Storage's cargo for Liverpool is the Eastmans', Limited.

Mr. Lloyd George stated the Government decided to elect a statue to Joseph Chamberlain at the Foreign Office at a cost of £10,000.

Amundsen is to start on his North Pole attempt in a few weeks. He is reported unable to reach the Pole, being on the ice-drift.

Fifteen hundred confectionery employees are idle in Melbourne owing to a shortage of sugar.

Dr. Chinsteer, the United States Presidential nominee of the Farmer-Labor Party, announced that he would be making a strenuous vote in the vote. He declared that his party's vision in the League of Nations threatens a war.
